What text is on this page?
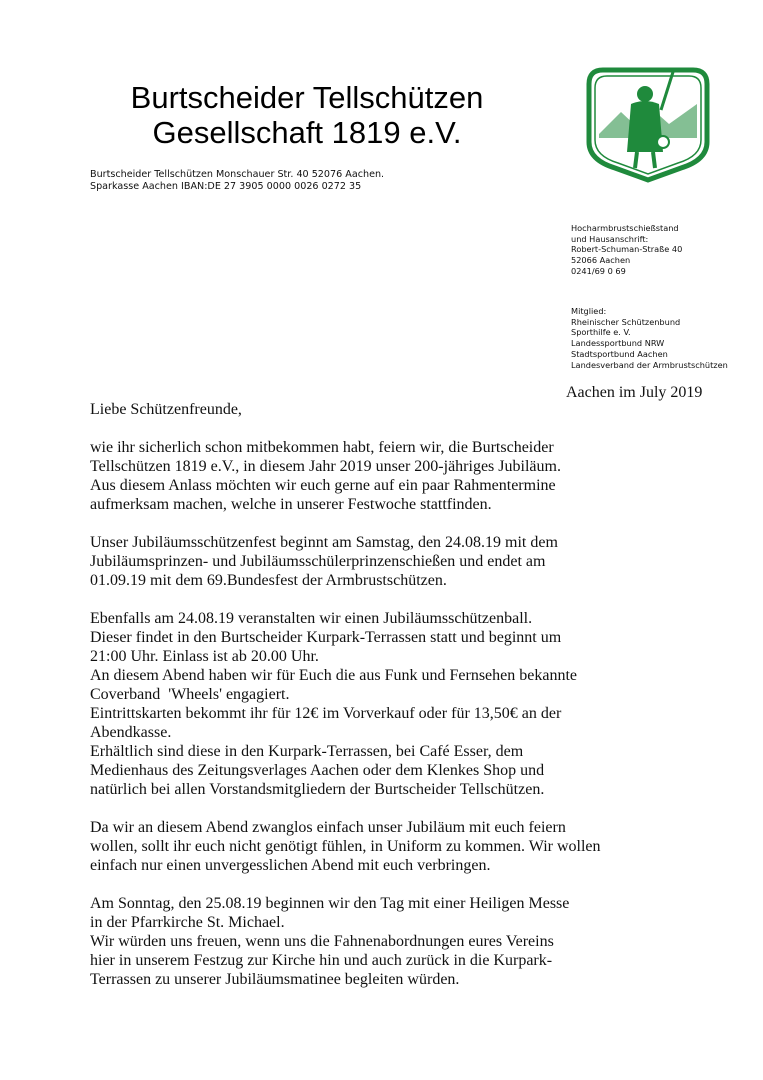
Burtscheider Tellschützen
Gesellschaft 1819 e.V.
Burtscheider Tellschützen Monschauer Str. 40 52076 Aachen.
Sparkasse Aachen IBAN:DE 27 3905 0000 0026 0272 35
Hocharmbrustschießstand
und Hausanschrift:
Robert-Schuman-Straße 40
52066 Aachen
0241/69 0 69
Mitglied:
Rheinischer Schützenbund
Sporthilfe e. V.
Landessportbund NRW
Stadtsportbund Aachen
Landesverband der Armbrustschützen
Aachen im July 2019
Liebe Schützenfreunde,
wie ihr sicherlich schon mitbekommen habt, feiern wir, die Burtscheider
Tellschützen 1819 e.V., in diesem Jahr 2019 unser 200-jähriges Jubiläum.
Aus diesem Anlass möchten wir euch gerne auf ein paar Rahmentermine
aufmerksam machen, welche in unserer Festwoche stattfinden.
Unser Jubiläumsschützenfest beginnt am Samstag, den 24.08.19 mit dem
Jubiläumsprinzen- und Jubiläumsschülerprinzenschießen und endet am
01.09.19 mit dem 69.Bundesfest der Armbrustschützen.
Ebenfalls am 24.08.19 veranstalten wir einen Jubiläumsschützenball.
Dieser findet in den Burtscheider Kurpark-Terrassen statt und beginnt um
21:00 Uhr. Einlass ist ab 20.00 Uhr.
An diesem Abend haben wir für Euch die aus Funk und Fernsehen bekannte
Coverband  'Wheels' engagiert.
Eintrittskarten bekommt ihr für 12€ im Vorverkauf oder für 13,50€ an der
Abendkasse.
Erhältlich sind diese in den Kurpark-Terrassen, bei Café Esser, dem
Medienhaus des Zeitungsverlages Aachen oder dem Klenkes Shop und
natürlich bei allen Vorstandsmitgliedern der Burtscheider Tellschützen.
Da wir an diesem Abend zwanglos einfach unser Jubiläum mit euch feiern
wollen, sollt ihr euch nicht genötigt fühlen, in Uniform zu kommen. Wir wollen
einfach nur einen unvergesslichen Abend mit euch verbringen.
Am Sonntag, den 25.08.19 beginnen wir den Tag mit einer Heiligen Messe
in der Pfarrkirche St. Michael.
Wir würden uns freuen, wenn uns die Fahnenabordnungen eures Vereins
hier in unserem Festzug zur Kirche hin und auch zurück in die Kurpark-
Terrassen zu unserer Jubiläumsmatinee begleiten würden.
